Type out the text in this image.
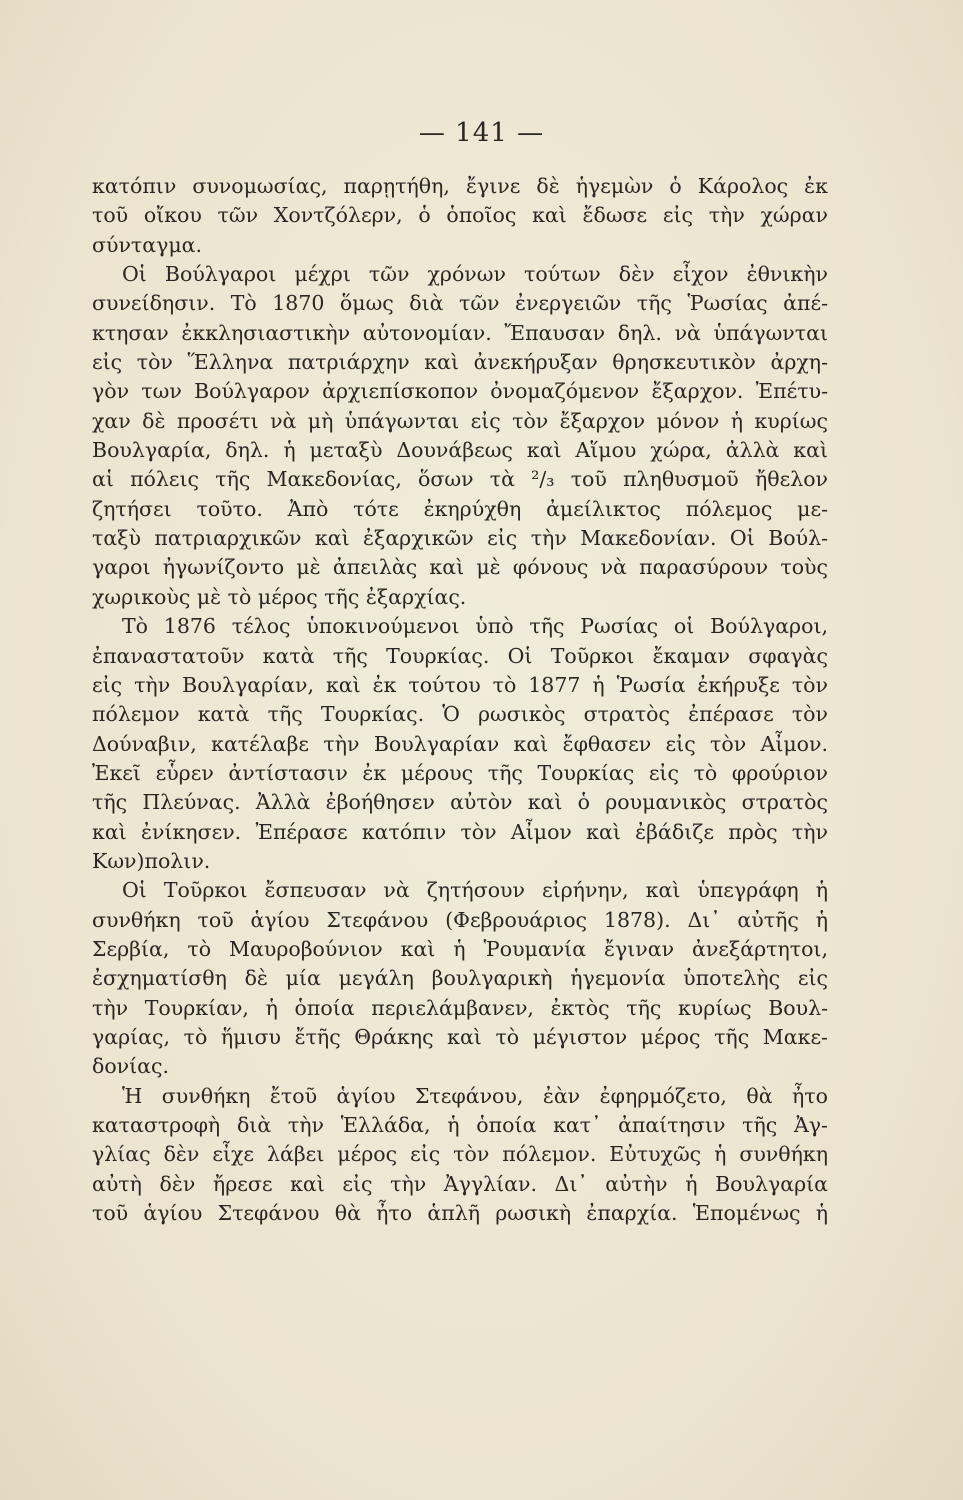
— 141 —
κατόπιν συνομωσίας, παρῃτήθη, ἔγινε δὲ ἡγεμὼν ὁ Κάρολος ἐκ
τοῦ οἴκου τῶν Χοντζόλερν, ὁ ὁποῖος καὶ ἔδωσε εἰς τὴν χώραν
σύνταγμα.
Οἱ Βούλγαροι μέχρι τῶν χρόνων τούτων δὲν εἶχον ἐθνικὴν
συνείδησιν. Τὸ 1870 ὅμως διὰ τῶν ἐνεργειῶν τῆς Ῥωσίας ἀπέ-
κτησαν ἐκκλησιαστικὴν αὐτονομίαν. Ἔπαυσαν δηλ. νὰ ὑπάγωνται
εἰς τὸν Ἕλληνα πατριάρχην καὶ ἀνεκήρυξαν θρησκευτικὸν ἀρχη-
γὸν των Βούλγαρον ἀρχιεπίσκοπον ὀνομαζόμενον ἔξαρχον. Ἐπέτυ-
χαν δὲ προσέτι νὰ μὴ ὑπάγωνται εἰς τὸν ἔξαρχον μόνον ἡ κυρίως
Βουλγαρία, δηλ. ἡ μεταξὺ Δουνάβεως καὶ Αἵμου χώρα, ἀλλὰ καὶ
αἱ πόλεις τῆς Μακεδονίας, ὅσων τὰ ²/₃ τοῦ πληθυσμοῦ ἤθελον
ζητήσει τοῦτο. Ἀπὸ τότε ἐκηρύχθη ἀμείλικτος πόλεμος με-
ταξὺ πατριαρχικῶν καὶ ἐξαρχικῶν εἰς τὴν Μακεδονίαν. Οἱ Βούλ-
γαροι ἠγωνίζοντο μὲ ἀπειλὰς καὶ μὲ φόνους νὰ παρασύρουν τοὺς
χωρικοὺς μὲ τὸ μέρος τῆς ἐξαρχίας.
Τὸ 1876 τέλος ὑποκινούμενοι ὑπὸ τῆς Ρωσίας οἱ Βούλγαροι,
ἐπαναστατοῦν κατὰ τῆς Τουρκίας. Οἱ Τοῦρκοι ἔκαμαν σφαγὰς
εἰς τὴν Βουλγαρίαν, καὶ ἐκ τούτου τὸ 1877 ἡ Ῥωσία ἐκήρυξε τὸν
πόλεμον κατὰ τῆς Τουρκίας. Ὁ ρωσικὸς στρατὸς ἐπέρασε τὸν
Δούναβιν, κατέλαβε τὴν Βουλγαρίαν καὶ ἔφθασεν εἰς τὸν Αἶμον.
Ἐκεῖ εὗρεν ἀντίστασιν ἐκ μέρους τῆς Τουρκίας εἰς τὸ φρούριον
τῆς Πλεύνας. Ἀλλὰ ἐβοήθησεν αὐτὸν καὶ ὁ ρουμανικὸς στρατὸς
καὶ ἐνίκησεν. Ἐπέρασε κατόπιν τὸν Αἶμον καὶ ἐβάδιζε πρὸς τὴν
Κων)πολιν.
Οἱ Τοῦρκοι ἔσπευσαν νὰ ζητήσουν εἰρήνην, καὶ ὑπεγράφη ἡ
συνθήκη τοῦ ἁγίου Στεφάνου (Φεβρουάριος 1878). Δι᾽ αὐτῆς ἡ
Σερβία, τὸ Μαυροβούνιον καὶ ἡ Ῥουμανία ἔγιναν ἀνεξάρτητοι,
ἐσχηματίσθη δὲ μία μεγάλη βουλγαρικὴ ἡγεμονία ὑποτελὴς εἰς
τὴν Τουρκίαν, ἡ ὁποία περιελάμβανεν, ἐκτὸς τῆς κυρίως Βουλ-
γαρίας, τὸ ἥμισυ ἔτῆς Θράκης καὶ τὸ μέγιστον μέρος τῆς Μακε-
δονίας.
Ἡ συνθήκη ἔτοῦ ἁγίου Στεφάνου, ἐὰν ἐφηρμόζετο, θὰ ἦτο
καταστροφὴ διὰ τὴν Ἑλλάδα, ἡ ὁποία κατ᾽ ἀπαίτησιν τῆς Ἀγ-
γλίας δὲν εἶχε λάβει μέρος εἰς τὸν πόλεμον. Εὐτυχῶς ἡ συνθήκη
αὐτὴ δὲν ἤρεσε καὶ εἰς τὴν Ἀγγλίαν. Δι᾽ αὐτὴν ἡ Βουλγαρία
τοῦ ἁγίου Στεφάνου θὰ ἦτο ἁπλῆ ρωσικὴ ἐπαρχία. Ἑπομένως ἡ
